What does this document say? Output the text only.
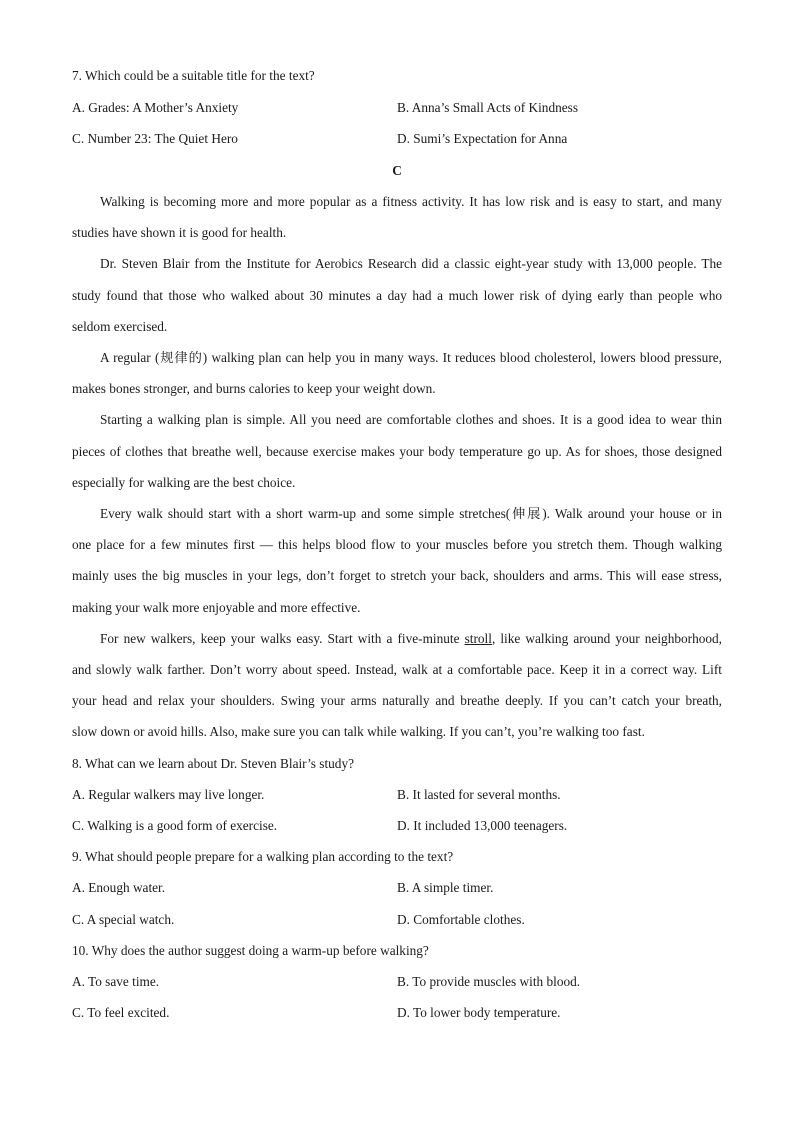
7. Which could be a suitable title for the text?
A. Grades: A Mother’s Anxiety	B. Anna’s Small Acts of Kindness
C. Number 23: The Quiet Hero	D. Sumi’s Expectation for Anna
C
Walking is becoming more and more popular as a fitness activity. It has low risk and is easy to start, and many
studies have shown it is good for health.
Dr. Steven Blair from the Institute for Aerobics Research did a classic eight-year study with 13,000 people. The
study found that those who walked about 30 minutes a day had a much lower risk of dying early than people who
seldom exercised.
A regular (规律的) walking plan can help you in many ways. It reduces blood cholesterol, lowers blood pressure,
makes bones stronger, and burns calories to keep your weight down.
Starting a walking plan is simple. All you need are comfortable clothes and shoes. It is a good idea to wear thin
pieces of clothes that breathe well, because exercise makes your body temperature go up. As for shoes, those designed
especially for walking are the best choice.
Every walk should start with a short warm-up and some simple stretches(伸展). Walk around your house or in
one place for a few minutes first — this helps blood flow to your muscles before you stretch them. Though walking
mainly uses the big muscles in your legs, don’t forget to stretch your back, shoulders and arms. This will ease stress,
making your walk more enjoyable and more effective.
For new walkers, keep your walks easy. Start with a five-minute stroll, like walking around your neighborhood,
and slowly walk farther. Don’t worry about speed. Instead, walk at a comfortable pace. Keep it in a correct way. Lift
your head and relax your shoulders. Swing your arms naturally and breathe deeply. If you can’t catch your breath,
slow down or avoid hills. Also, make sure you can talk while walking. If you can’t, you’re walking too fast.
8. What can we learn about Dr. Steven Blair’s study?
A. Regular walkers may live longer.	B. It lasted for several months.
C. Walking is a good form of exercise.	D. It included 13,000 teenagers.
9. What should people prepare for a walking plan according to the text?
A. Enough water.	B. A simple timer.
C. A special watch.	D. Comfortable clothes.
10. Why does the author suggest doing a warm-up before walking?
A. To save time.	B. To provide muscles with blood.
C. To feel excited.	D. To lower body temperature.
